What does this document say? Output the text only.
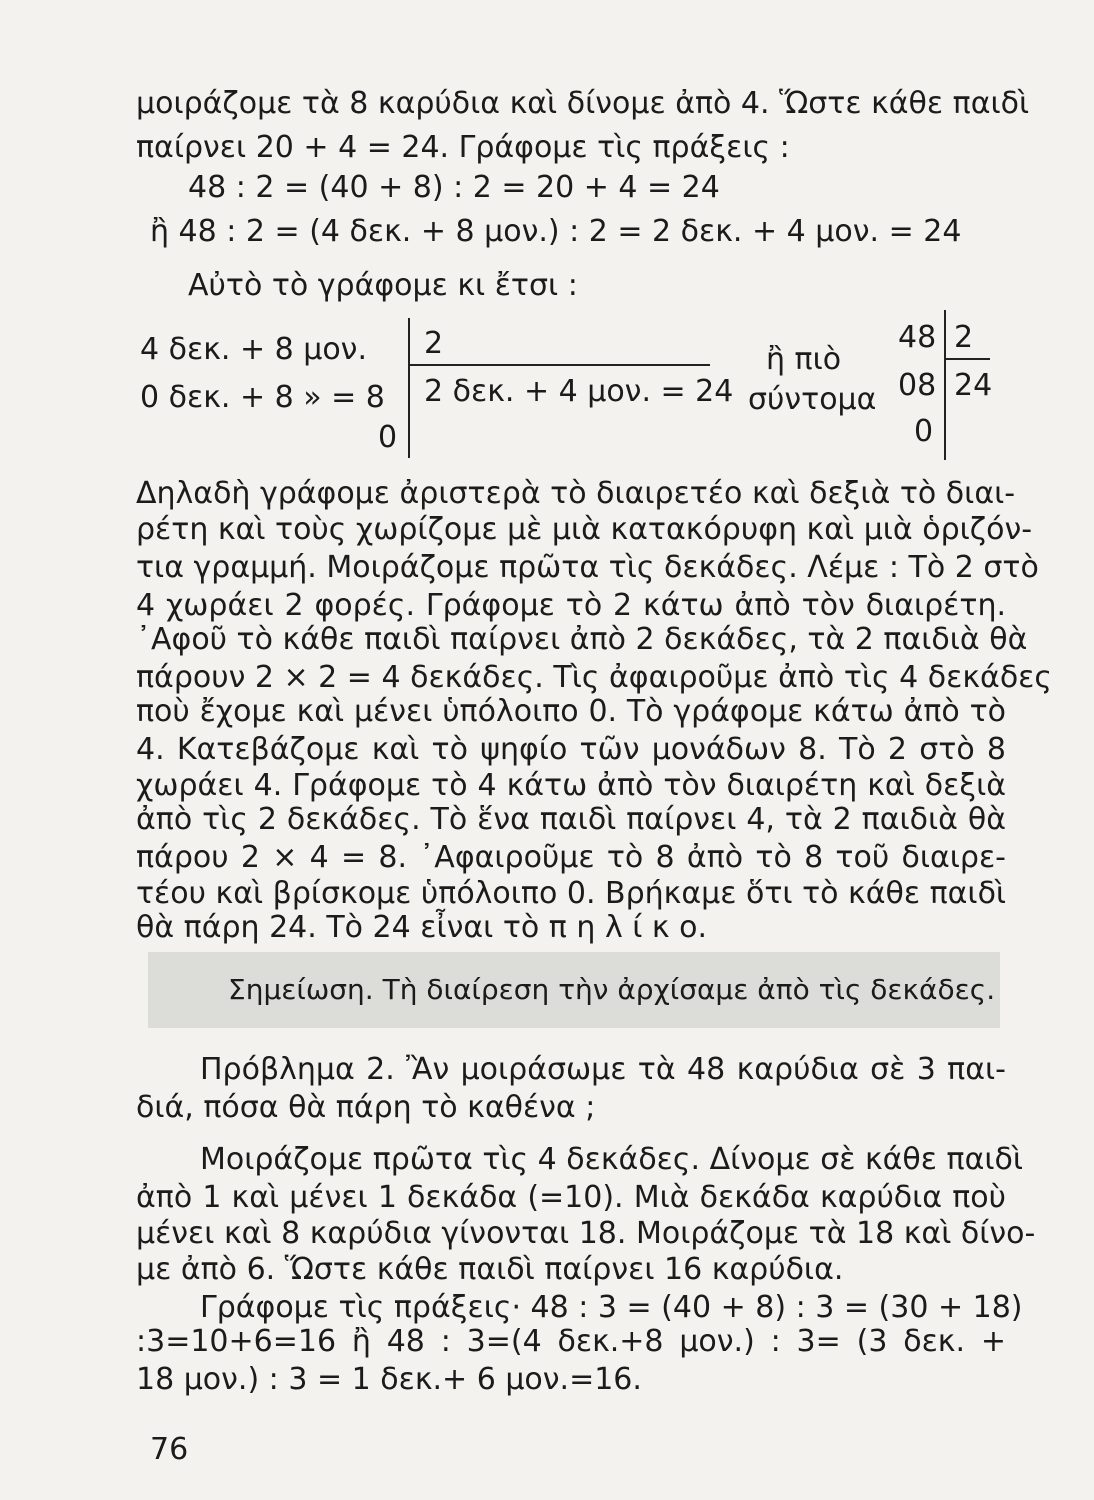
μοιράζομε τὰ 8 καρύδια καὶ δίνομε ἀπὸ 4. Ὥστε κάθε παιδὶ
παίρνει 20 + 4 = 24. Γράφομε τὶς πράξεις :
48 : 2 = (40 + 8) : 2 = 20 + 4 = 24
ἢ 48 : 2 = (4 δεκ. + 8 μον.) : 2 = 2 δεκ. + 4 μον. = 24
Αὐτὸ τὸ γράφομε κι ἔτσι :
4 δεκ. + 8 μον.
0 δεκ. + 8 » = 8
0
2
2 δεκ. + 4 μον. = 24
ἢ πιὸ
σύντομα
48 2
08 24
0
Δηλαδὴ γράφομε ἀριστερὰ τὸ διαιρετέο καὶ δεξιὰ τὸ διαι-
ρέτη καὶ τοὺς χωρίζομε μὲ μιὰ κατακόρυφη καὶ μιὰ ὁριζόν-
τια γραμμή. Μοιράζομε πρῶτα τὶς δεκάδες. Λέμε : Τὸ 2 στὸ
4 χωράει 2 φορές. Γράφομε τὸ 2 κάτω ἀπὸ τὸν διαιρέτη.
᾿Αφοῦ τὸ κάθε παιδὶ παίρνει ἀπὸ 2 δεκάδες, τὰ 2 παιδιὰ θὰ
πάρουν 2 × 2 = 4 δεκάδες. Τὶς ἀφαιροῦμε ἀπὸ τὶς 4 δεκάδες
ποὺ ἔχομε καὶ μένει ὑπόλοιπο 0. Τὸ γράφομε κάτω ἀπὸ τὸ
4. Κατεβάζομε καὶ τὸ ψηφίο τῶν μονάδων 8. Τὸ 2 στὸ 8
χωράει 4. Γράφομε τὸ 4 κάτω ἀπὸ τὸν διαιρέτη καὶ δεξιὰ
ἀπὸ τὶς 2 δεκάδες. Τὸ ἕνα παιδὶ παίρνει 4, τὰ 2 παιδιὰ θὰ
πάρου 2 × 4 = 8. ᾿Αφαιροῦμε τὸ 8 ἀπὸ τὸ 8 τοῦ διαιρε-
τέου καὶ βρίσκομε ὑπόλοιπο 0. Βρήκαμε ὅτι τὸ κάθε παιδὶ
θὰ πάρη 24. Τὸ 24 εἶναι τὸ π η λ ί κ ο.
Σημείωση. Τὴ διαίρεση τὴν ἀρχίσαμε ἀπὸ τὶς δεκάδες.
Πρόβλημα 2. Ἂν μοιράσωμε τὰ 48 καρύδια σὲ 3 παι-
διά, πόσα θὰ πάρη τὸ καθένα ;
Μοιράζομε πρῶτα τὶς 4 δεκάδες. Δίνομε σὲ κάθε παιδὶ
ἀπὸ 1 καὶ μένει 1 δεκάδα (=10). Μιὰ δεκάδα καρύδια ποὺ
μένει καὶ 8 καρύδια γίνονται 18. Μοιράζομε τὰ 18 καὶ δίνο-
με ἀπὸ 6. Ὥστε κάθε παιδὶ παίρνει 16 καρύδια.
Γράφομε τὶς πράξεις· 48 : 3 = (40 + 8) : 3 = (30 + 18)
:3=10+6=16 ἢ 48 : 3=(4 δεκ.+8 μον.) : 3= (3 δεκ. +
18 μον.) : 3 = 1 δεκ.+ 6 μον.=16.
76
